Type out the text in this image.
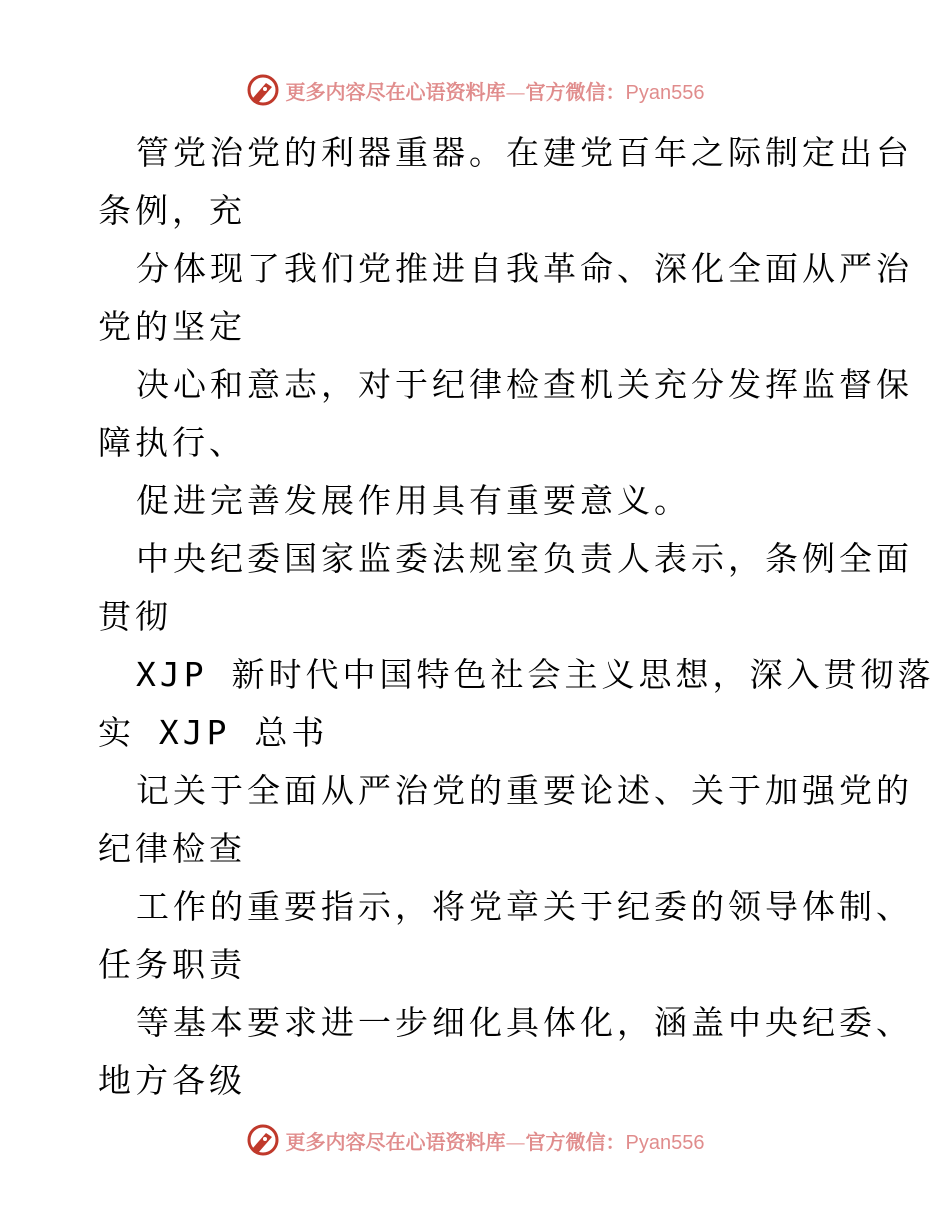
更多内容尽在心语资料库—官方微信：Pyan556
管党治党的利器重器。在建党百年之际制定出台
条例，充
分体现了我们党推进自我革命、深化全面从严治
党的坚定
决心和意志，对于纪律检查机关充分发挥监督保
障执行、
促进完善发展作用具有重要意义。
中央纪委国家监委法规室负责人表示，条例全面
贯彻
XJP 新时代中国特色社会主义思想，深入贯彻落
实 XJP 总书
记关于全面从严治党的重要论述、关于加强党的
纪律检查
工作的重要指示，将党章关于纪委的领导体制、
任务职责
等基本要求进一步细化具体化，涵盖中央纪委、
地方各级
更多内容尽在心语资料库—官方微信：Pyan556
